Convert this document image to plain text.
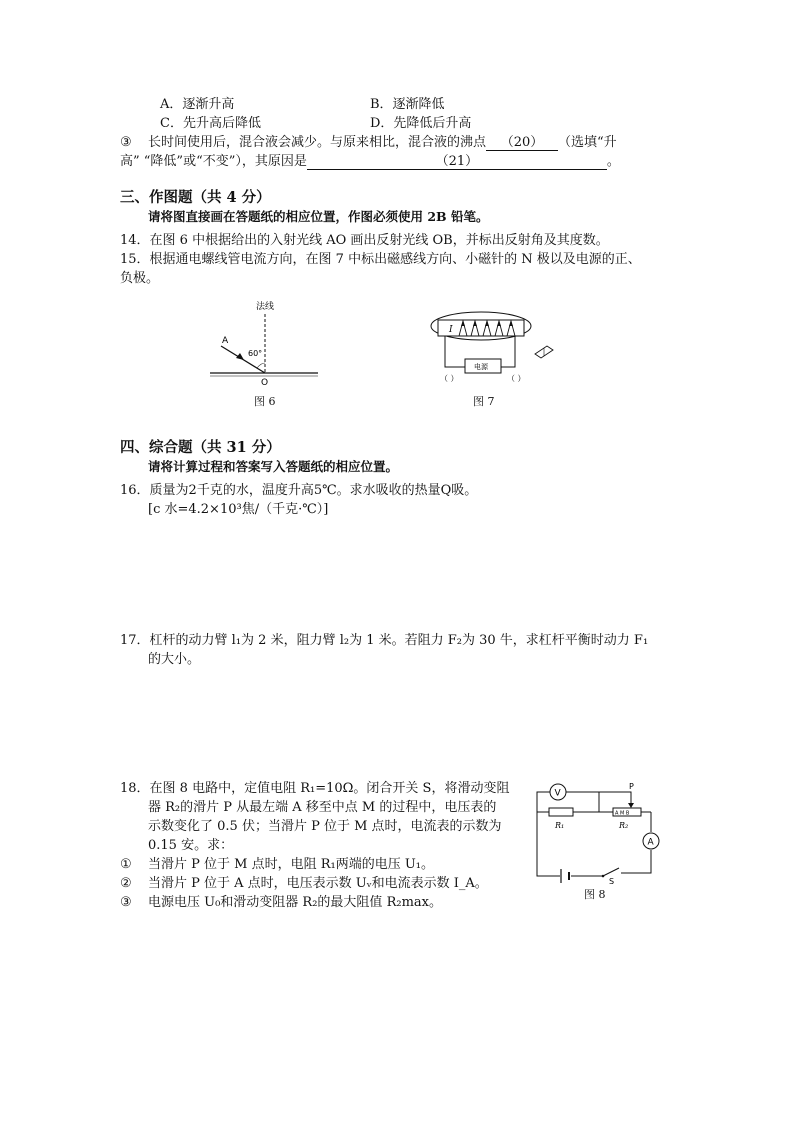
A．逐渐升高	B．逐渐降低
C．先升高后降低	D．先降低后升高
③ 长时间使用后，混合液会减少。与原来相比，混合液的沸点 （20） （选填“升
高” “降低”或“不变”），其原因是	（21）	。
三、作图题（共 4 分）
请将图直接画在答题纸的相应位置，作图必须使用 2B 铅笔。
14．在图 6 中根据给出的入射光线 AO 画出反射光线 OB，并标出反射角及其度数。
15．根据通电螺线管电流方向，在图 7 中标出磁感线方向、小磁针的 N 极以及电源的正、
负极。
法线
A
60°
O
图 6
I
电源
（ ）	（ ）
图 7
四、综合题（共 31 分）
请将计算过程和答案写入答题纸的相应位置。
16．质量为2千克的水，温度升高5℃。求水吸收的热量Q吸。
[c 水=4.2×10³焦/（千克·℃）]
17．杠杆的动力臂 l₁为 2 米，阻力臂 l₂为 1 米。若阻力 F₂为 30 牛，求杠杆平衡时动力 F₁
的大小。
18．在图 8 电路中，定值电阻 R₁=10Ω。闭合开关 S，将滑动变阻
器 R₂的滑片 P 从最左端 A 移至中点 M 的过程中，电压表的
示数变化了 0.5 伏；当滑片 P 位于 M 点时，电流表的示数为
0.15 安。求：
① 当滑片 P 位于 M 点时，电阻 R₁两端的电压 U₁。
② 当滑片 P 位于 A 点时，电压表示数 Uᵥ和电流表示数 I_A。
③ 电源电压 U₀和滑动变阻器 R₂的最大阻值 R₂max。
S
R₁
V
A M B
R₂
P
A
图 8
